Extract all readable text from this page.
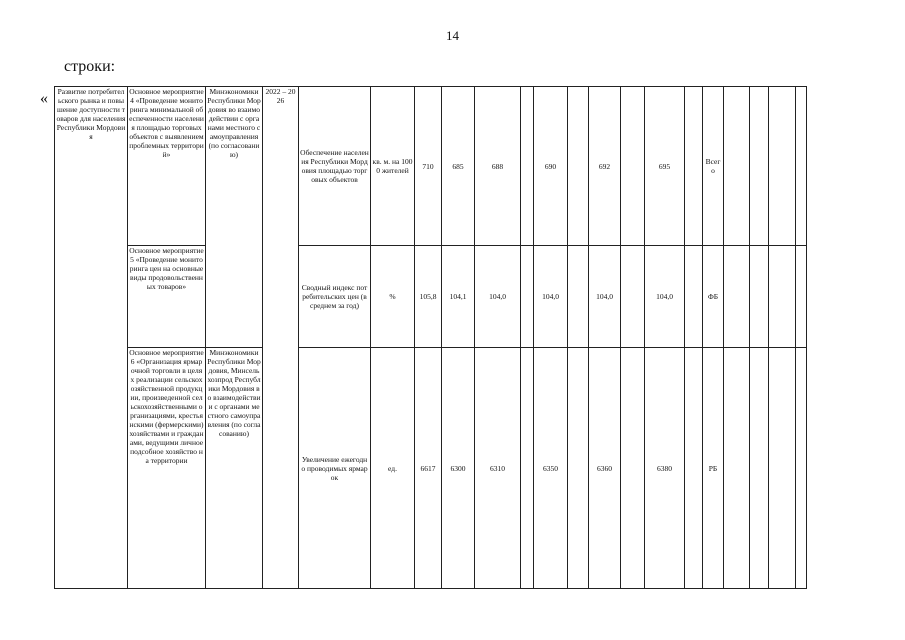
14
строки:
« Развитие потребительского рынка и повышение доступности товаров для населения Республики Мордовия	Основное мероприятие 4 «Проведение мониторинга минимальной обеспеченности населения площадью торговых объектов с выявлением проблемных территорий»	Минэкономики Республики Мордовия во взаимодействии с органами местного самоуправления (по согласованию)	2022 – 2026	Обеспечение населения Республики Мордовия площадью торговых объектов	кв. м. на 1000 жителей	710	685	688		690		692		695		Всего				
	Основное мероприятие 5 «Проведение мониторинга цен на основные виды продовольственных товаров»			Сводный индекс потребительских цен (в среднем за год)	%	105,8	104,1	104,0		104,0		104,0		104,0		ФБ				
	Основное мероприятие 6 «Организация ярмарочной торговли в целях реализации сельскохозяйственной продукции, произведенной сельскохозяйственными организациями, крестьянскими (фермерскими) хозяйствами и гражданами, ведущими личное подсобное хозяйство на территории	Минэкономики Республики Мордовия, Минсельхозпрод Республики Мордовия во взаимодействии с органами местного самоуправления (по согласованию)		Увеличение ежегодно проводимых ярмарок	ед.	6617	6300	6310		6350		6360		6380		РБ				
